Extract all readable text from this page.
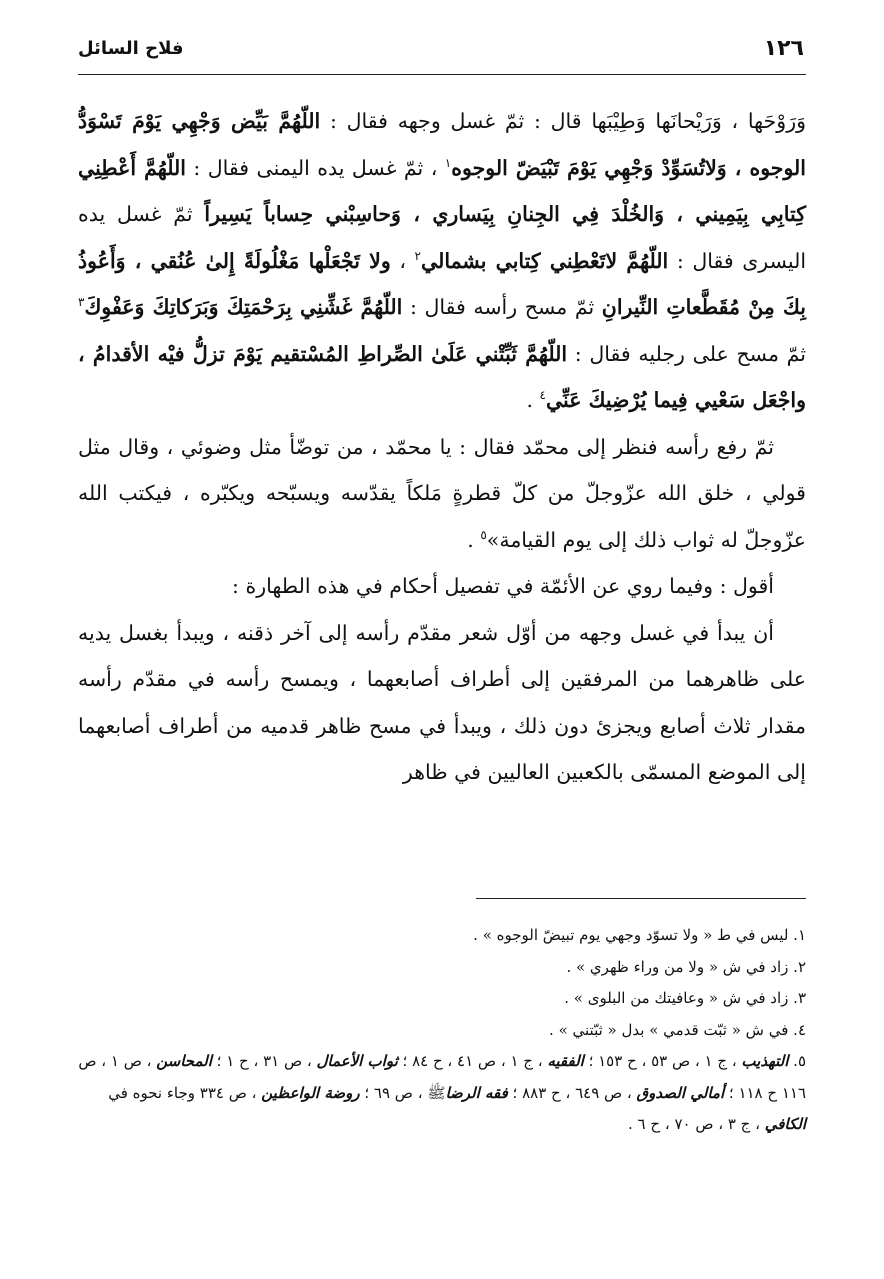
١٢٦
فلاح السائل

وَرَوْحَها ، وَرَيْحانَها وَطِيْبَها قال : ثمّ غسل وجهه فقال : اللّهُمَّ بَيِّض وَجْهِي يَوْمَ تَسْوَدُّ الوجوه ، وَلاتُسَوِّدْ وَجْهِي يَوْمَ تَبْيَضّ الوجوه$^١$ ، ثمّ غسل يده اليمنى فقال : اللّهُمَّ أَعْطِنِي كِتابِي بِيَمِيني ، وَالخُلْدَ فِي الجِنانِ بِيَساري ، وَحاسِبْني حِساباً يَسِيراً ثمّ غسل يده اليسرى فقال : اللّهُمَّ لاتَعْطِني كِتابي بشمالي$^٢$ ، ولا تَجْعَلْها مَغْلُولَةً إِلىٰ عُنُقي ، وَأَعُوذُ بِكَ مِنْ مُقَطَّعاتِ النِّيرانِ ثمّ مسح رأسه فقال : اللّهُمَّ غَشِّنِي بِرَحْمَتِكَ وَبَرَكاتِكَ وَعَفْوِكَ$^٣$ ثمّ مسح على رجليه فقال : اللّهُمَّ ثَبِّتْني عَلَىٰ الصِّراطِ المُسْتقيم يَوْمَ تزلُّ فيْه الأقدامُ ، واجْعَل سَعْيي فِيما يُرْضِيكَ عَنِّي$^٤$ .

ثمّ رفع رأسه فنظر إلى محمّد فقال : يا محمّد ، من توضّأ مثل وضوئي ، وقال مثل قولي ، خلق الله عزّوجلّ من كلّ قطرةٍ مَلكاً يقدّسه ويسبّحه ويكبّره ، فيكتب الله عزّوجلّ له ثواب ذلك إلى يوم القيامة»$^٥$ .

أقول : وفيما روي عن الأئمّة في تفصيل أحكام في هذه الطهارة :

أن يبدأ في غسل وجهه من أوّل شعر مقدّم رأسه إلى آخر ذقنه ، ويبدأ بغسل يديه على ظاهرهما من المرفقين إلى أطراف أصابعهما ، ويمسح رأسه في مقدّم رأسه مقدار ثلاث أصابع ويجزئ دون ذلك ، ويبدأ في مسح ظاهر قدميه من أطراف أصابعهما إلى الموضع المسمّى بالكعبين العاليين في ظاهر

١. ليس في ط « ولا تسوّد وجهي يوم تبيضّ الوجوه » .

٢. زاد في ش « ولا من وراء ظهري » .

٣. زاد في ش « وعافيتك من البلوى » .

٤. في ش « ثبّت قدمي » بدل « ثبّتني » .

٥. التهذيب ، ج ١ ، ص ٥٣ ، ح ١٥٣ ؛ الفقيه ، ج ١ ، ص ٤١ ، ح ٨٤ ؛ ثواب الأعمال ، ص ٣١ ، ح ١ ؛ المحاسن ، ص ١ ، ص ١١٦ ح ١١٨ ؛ أمالي الصدوق ، ص ٦٤٩ ، ح ٨٨٣ ؛ فقه الرضاﷺ ، ص ٦٩ ؛ روضة الواعظين ، ص ٣٣٤ وجاء نحوه في الكافي ، ج ٣ ، ص ٧٠ ، ح ٦ .
